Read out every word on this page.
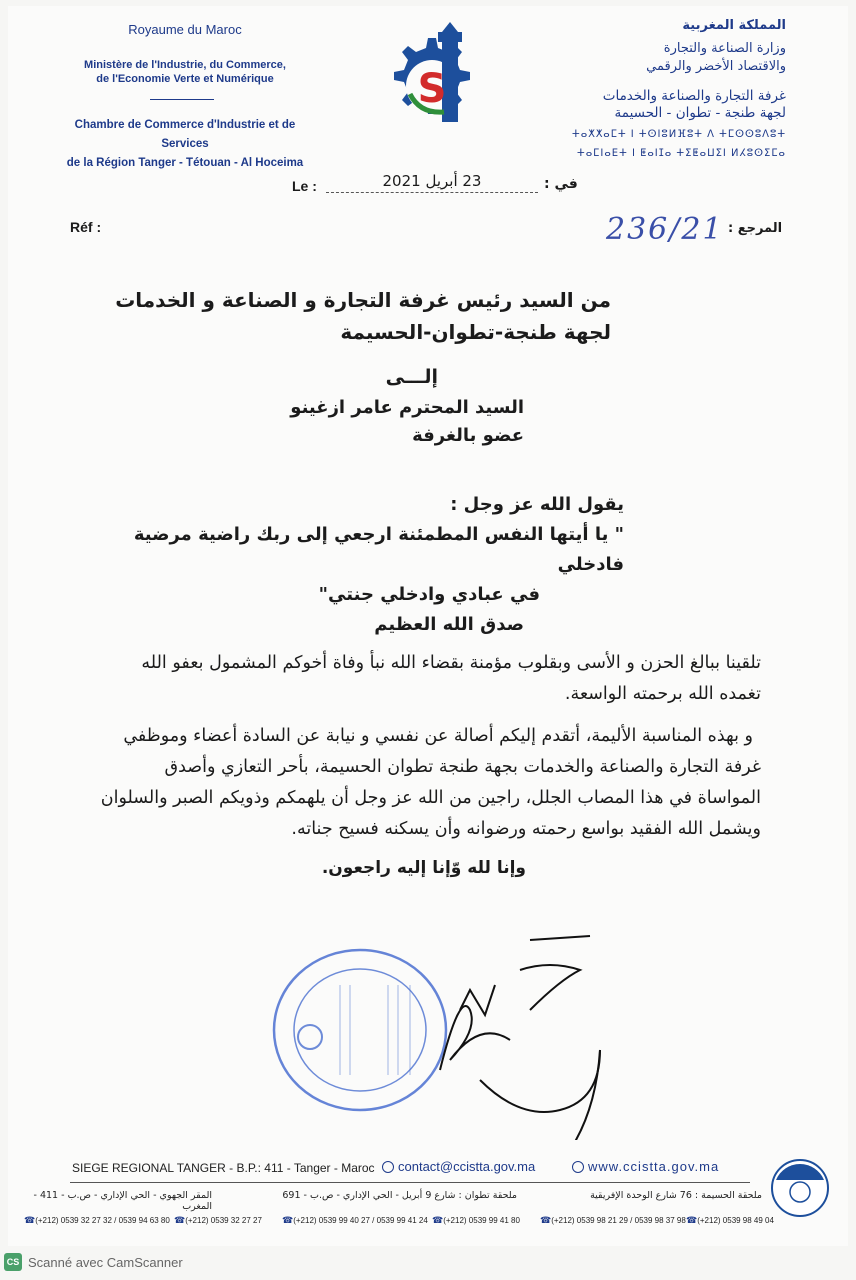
Royaume du Maroc
Ministère de l'Industrie, du Commerce,
de l'Economie Verte et Numérique
Chambre de Commerce d'Industrie et de Services
de la Région Tanger - Tétouan - Al Hoceima
S
المملكة المغربية
وزارة الصناعة والتجارة
والاقتصاد الأخضر والرقمي
غرفة التجارة والصناعة والخدمات
لجهة طنجة - تطوان - الحسيمة
ⵜⴰⵅⵅⴰⵎⵜ ⵏ ⵜⵙⵏⵓⵍⴼⵓⵜ ⴷ ⵜⵎⵙⵙⵓⴷⵓⵜ
ⵜⴰⵎⵏⴰⴹⵜ ⵏ ⵟⴰⵏⵊⴰ ⵜⵉⵟⴰⵡⵉⵏ ⵍⵃⵓⵙⵉⵎⴰ
Le :	23 أبريل 2021	في :
Réf :	236/21 المرجع :
من السيد رئيس غرفة التجارة و الصناعة و الخدمات
لجهة طنجة-تطوان-الحسيمة
إلـــى
السيد المحترم عامر ازغينو
عضو بالغرفة
يقول الله عز وجل :
" يا أيتها النفس المطمئنة ارجعي إلى ربك راضية مرضية فادخلي
في عبادي وادخلي جنتي"
صدق الله العظيم
تلقينا ببالغ الحزن و الأسى وبقلوب مؤمنة بقضاء الله نبأ وفاة أخوكم المشمول بعفو الله
تغمده الله برحمته الواسعة.
و بهذه المناسبة الأليمة، أتقدم إليكم أصالة عن نفسي و نيابة عن السادة أعضاء وموظفي
غرفة التجارة والصناعة والخدمات بجهة طنجة تطوان الحسيمة، بأحر التعازي وأصدق
المواساة في هذا المصاب الجلل، راجين من الله عز وجل أن يلهمكم وذويكم الصبر والسلوان
ويشمل الله الفقيد بواسع رحمته ورضوانه وأن يسكنه فسيح جناته.
وإنا لله وّإنا إليه راجعون.
SIEGE REGIONAL TANGER - B.P.: 411 - Tanger - Maroc	contact@ccistta.gov.ma	www.ccistta.gov.ma
المقر الجهوي - الحي الإداري - ص.ب - 411 - المغرب
ملحقة تطوان : شارع 9 أبريل - الحي الإداري - ص.ب - 691	ملحقة الحسيمة : 76 شارع الوحدة الإفريقية
☎(+212) 0539 32 27 32 / 0539 94 63 80 ☎(+212) 0539 32 27 27 ☎(+212) 0539 99 40 27 / 0539 99 41 24 ☎(+212) 0539 99 41 80 ☎(+212) 0539 98 21 29 / 0539 98 37 98 ☎(+212) 0539 98 49 04
CS Scanné avec CamScanner
